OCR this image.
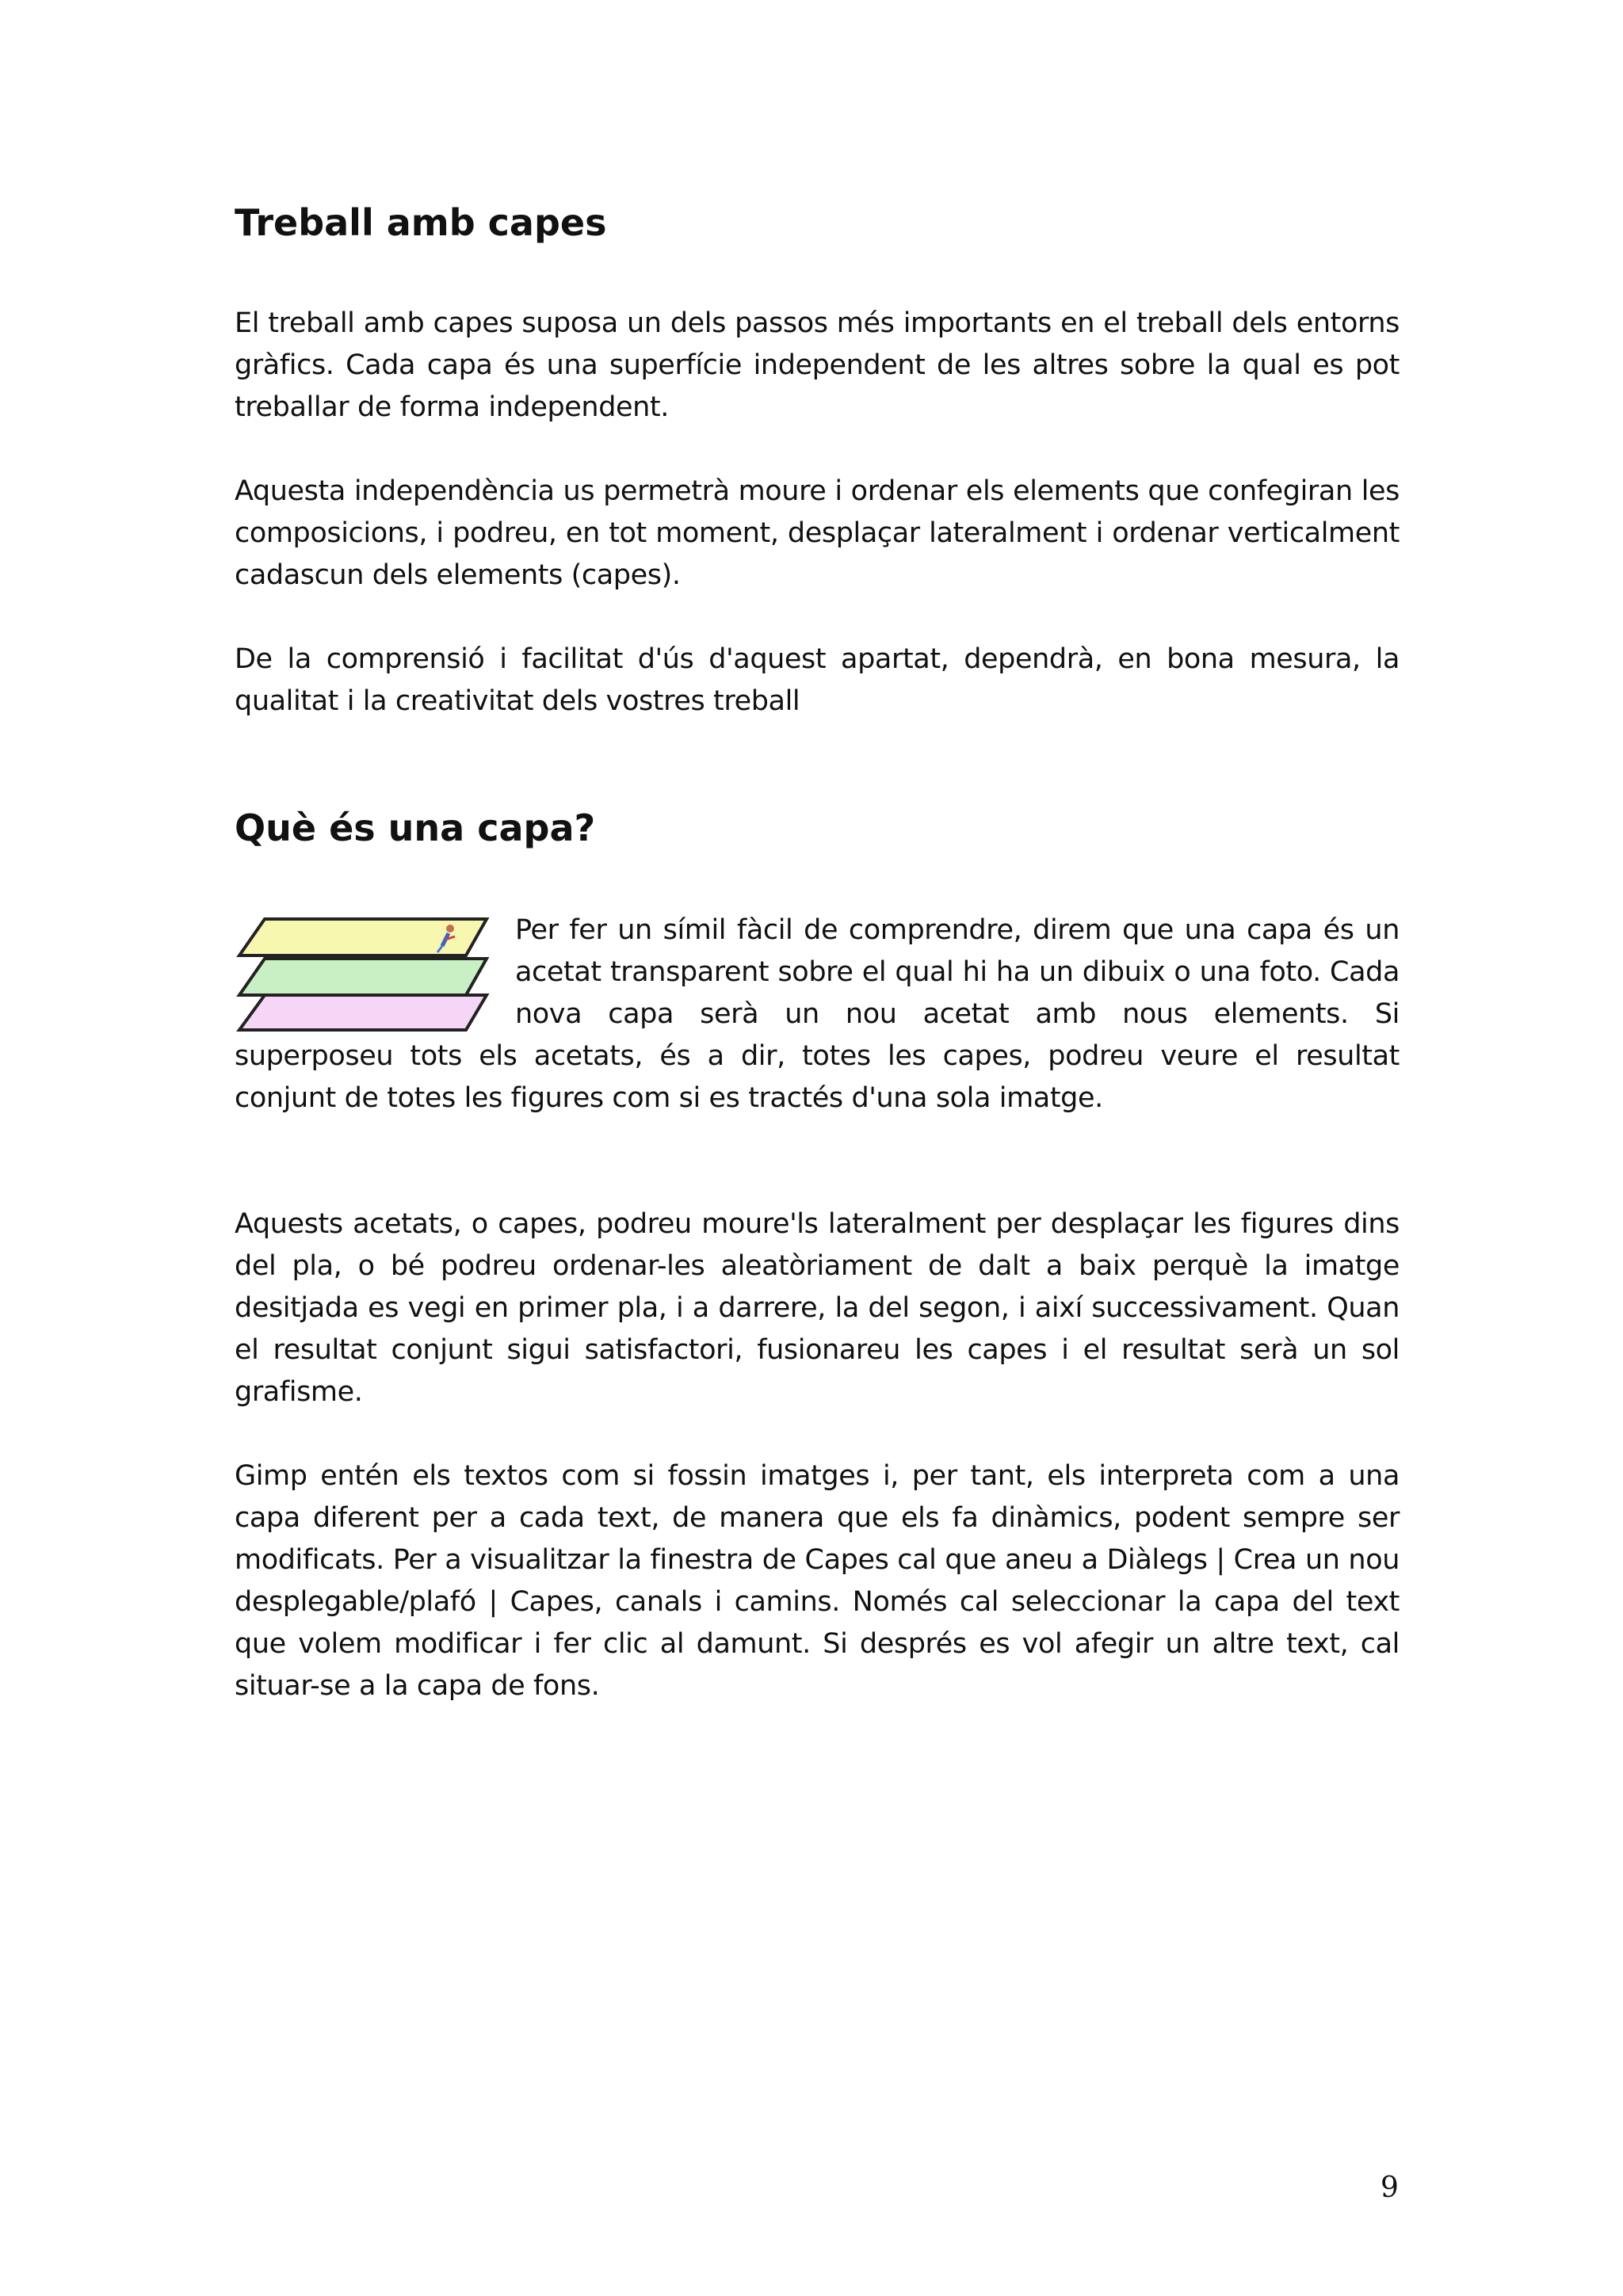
Treball amb capes

El treball amb capes suposa un dels passos més importants en el treball dels entorns gràfics. Cada capa és una superfície independent de les altres sobre la qual es pot treballar de forma independent.

Aquesta independència us permetrà moure i ordenar els elements que confegiran les composicions, i podreu, en tot moment, desplaçar lateralment i ordenar verticalment cadascun dels elements (capes).

De la comprensió i facilitat d'ús d'aquest apartat, dependrà, en bona mesura, la qualitat i la creativitat dels vostres treball

Què és una capa?

Per fer un símil fàcil de comprendre, direm que una capa és un acetat transparent sobre el qual hi ha un dibuix o una foto. Cada nova capa serà un nou acetat amb nous elements. Si superposeu tots els acetats, és a dir, totes les capes, podreu veure el resultat conjunt de totes les figures com si es tractés d'una sola imatge.

Aquests acetats, o capes, podreu moure'ls lateralment per desplaçar les figures dins del pla, o bé podreu ordenar-les aleatòriament de dalt a baix perquè la imatge desitjada es vegi en primer pla, i a darrere, la del segon, i així successivament. Quan el resultat conjunt sigui satisfactori, fusionareu les capes i el resultat serà un sol grafisme.

Gimp entén els textos com si fossin imatges i, per tant, els interpreta com a una capa diferent per a cada text, de manera que els fa dinàmics, podent sempre ser modificats. Per a visualitzar la finestra de Capes cal que aneu a Diàlegs | Crea un nou desplegable/plafó | Capes, canals i camins. Només cal seleccionar la capa del text que volem modificar i fer clic al damunt. Si després es vol afegir un altre text, cal situar-se a la capa de fons.

9
